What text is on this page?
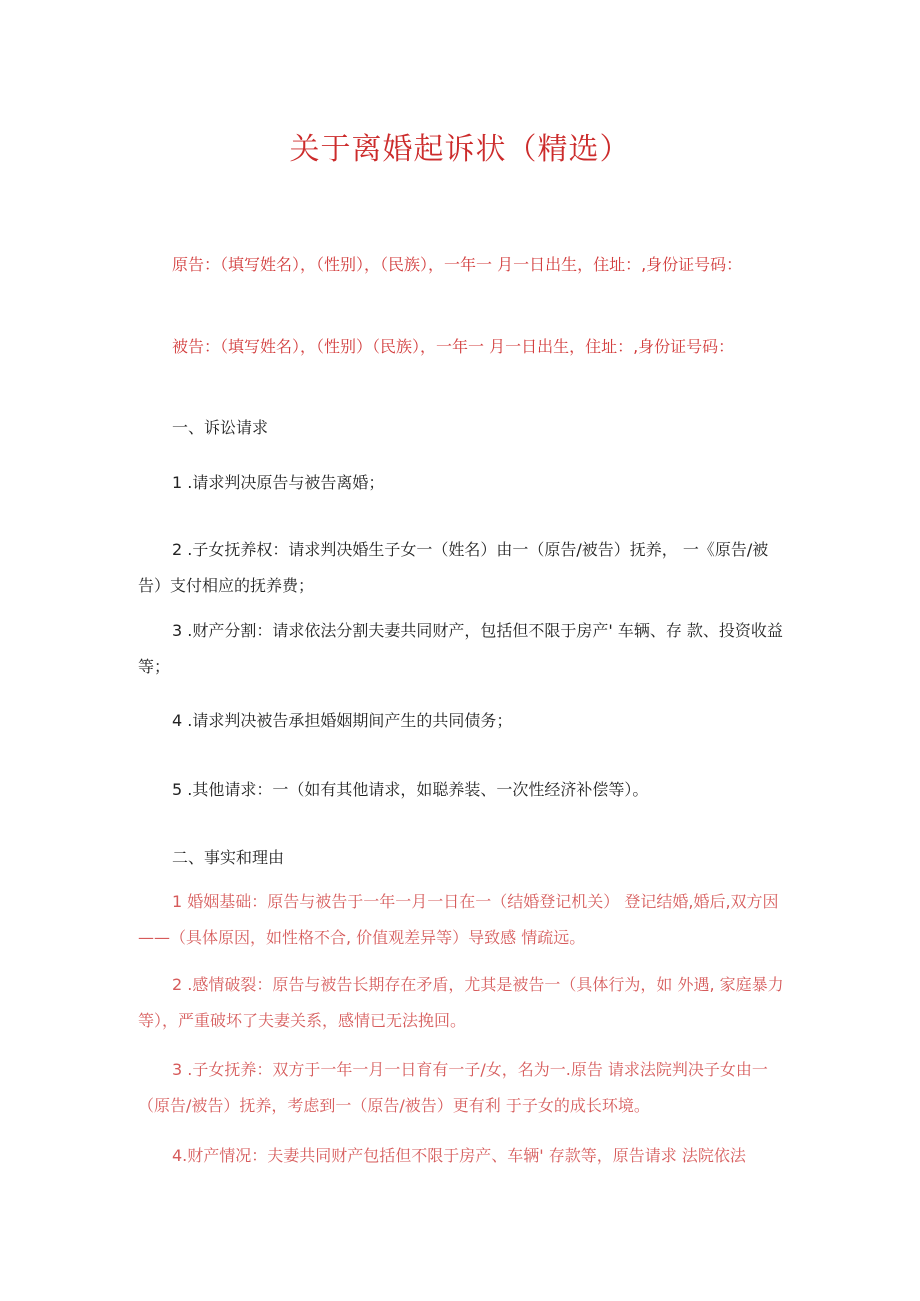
关于离婚起诉状（精选）
原告：（填写姓名），（性别），（民族），一年一 月一日出生，住址：,身份证号码：
被告：（填写姓名），（性别）（民族），一年一 月一日出生，住址：,身份证号码：
一、诉讼请求
1 .请求判决原告与被告离婚；
2 .子女抚养权：请求判决婚生子女一（姓名）由一（原告/被告）抚养， 一《原告/被告）支付相应的抚养费；
3 .财产分割：请求依法分割夫妻共同财产，包括但不限于房产' 车辆、存 款、投资收益等；
4 .请求判决被告承担婚姻期间产生的共同债务；
5 .其他请求：一（如有其他请求，如聪养装、一次性经济补偿等）。
二、事实和理由
1 婚姻基础：原告与被告于一年一月一日在一（结婚登记机关） 登记结婚,婚后,双方因——（具体原因，如性格不合, 价值观差异等）导致感 情疏远。
2 .感情破裂：原告与被告长期存在矛盾，尤其是被告一（具体行为，如 外遇, 家庭暴力等），严重破坏了夫妻关系，感情已无法挽回。
3 .子女抚养：双方于一年一月一日育有一子/女，名为一.原告 请求法院判决子女由一（原告/被告）抚养，考虑到一（原告/被告）更有利 于子女的成长环境。
4.财产情况：夫妻共同财产包括但不限于房产、车辆' 存款等，原告请求 法院依法
